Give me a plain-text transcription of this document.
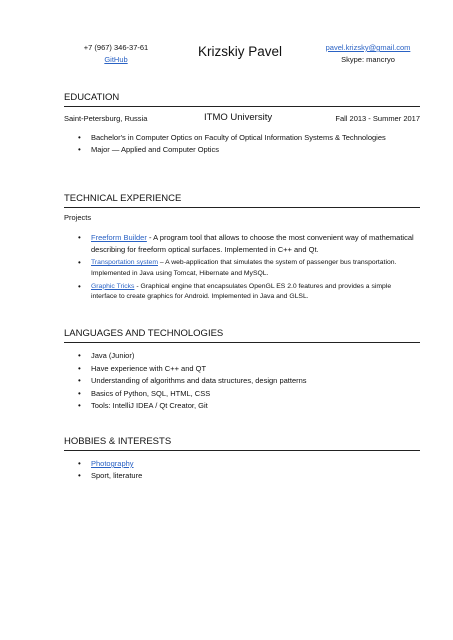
+7 (967) 346-37-61
GitHub
Krizskiy Pavel	pavel.krizsky@gmail.com
Skype: mancryo
EDUCATION
Saint-Petersburg, Russia	ITMO University	Fall 2013 - Summer 2017
• Bachelor's in Computer Optics on Faculty of Optical Information Systems & Technologies
• Major — Applied and Computer Optics
TECHNICAL EXPERIENCE
Projects
• Freeform Builder - A program tool that allows to choose the most convenient way of mathematical describing for freeform optical surfaces. Implemented in C++ and Qt.
• Transportation system – A web-application that simulates the system of passenger bus transportation. Implemented in Java using Tomcat, Hibernate and MySQL.
• Graphic Tricks - Graphical engine that encapsulates OpenGL ES 2.0 features and provides a simple interface to create graphics for Android. Implemented in Java and GLSL.
LANGUAGES AND TECHNOLOGIES
• Java (Junior)
• Have experience with C++ and QT
• Understanding of algorithms and data structures, design patterns
• Basics of Python, SQL, HTML, CSS
• Tools: IntelliJ IDEA / Qt Creator, Git
HOBBIES & INTERESTS
• Photography
• Sport, literature
